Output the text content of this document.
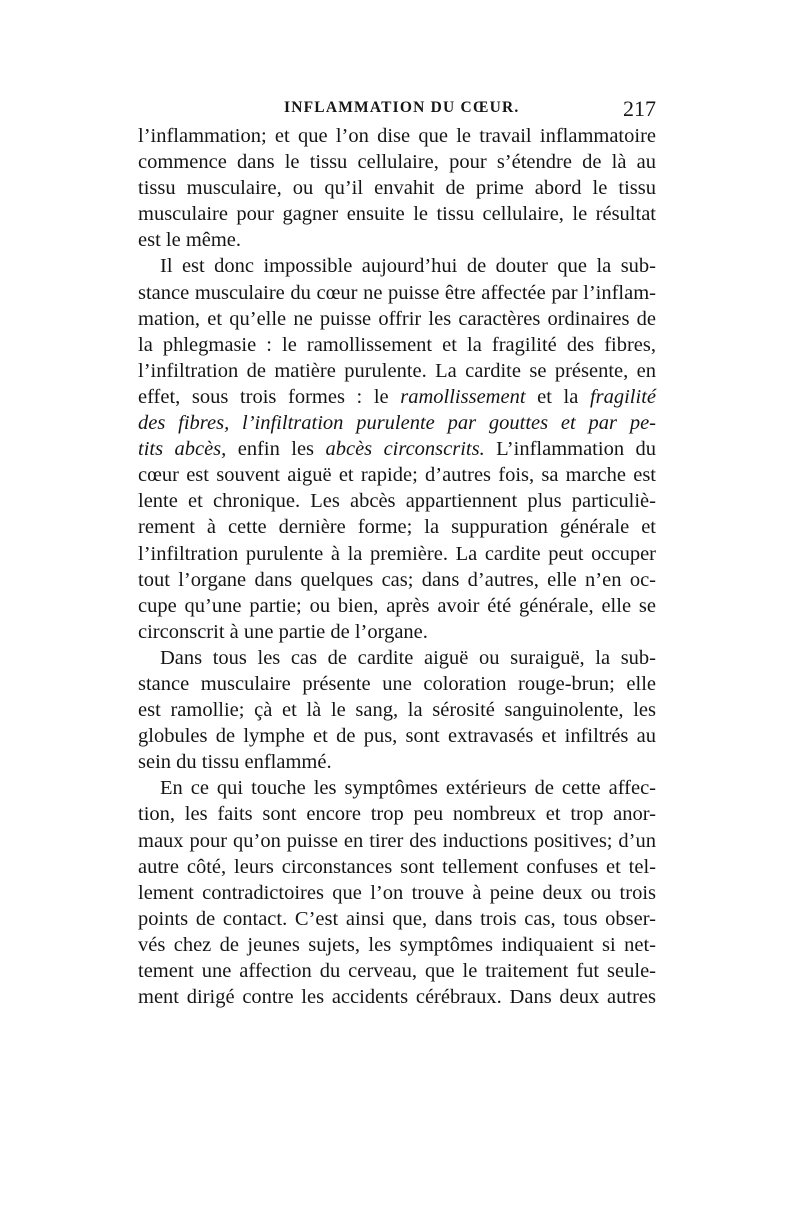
INFLAMMATION DU CŒUR.	217
l’inflammation; et que l’on dise que le travail inflammatoire
commence dans le tissu cellulaire, pour s’étendre de là au
tissu musculaire, ou qu’il envahit de prime abord le tissu
musculaire pour gagner ensuite le tissu cellulaire, le résultat
est le même.
Il est donc impossible aujourd’hui de douter que la sub-
stance musculaire du cœur ne puisse être affectée par l’inflam-
mation, et qu’elle ne puisse offrir les caractères ordinaires de
la phlegmasie : le ramollissement et la fragilité des fibres,
l’infiltration de matière purulente. La cardite se présente, en
effet, sous trois formes : le ramollissement et la fragilité
des fibres, l’infiltration purulente par gouttes et par pe-
tits abcès, enfin les abcès circonscrits. L’inflammation du
cœur est souvent aiguë et rapide; d’autres fois, sa marche est
lente et chronique. Les abcès appartiennent plus particuliè-
rement à cette dernière forme; la suppuration générale et
l’infiltration purulente à la première. La cardite peut occuper
tout l’organe dans quelques cas; dans d’autres, elle n’en oc-
cupe qu’une partie; ou bien, après avoir été générale, elle se
circonscrit à une partie de l’organe.
Dans tous les cas de cardite aiguë ou suraiguë, la sub-
stance musculaire présente une coloration rouge-brun; elle
est ramollie; çà et là le sang, la sérosité sanguinolente, les
globules de lymphe et de pus, sont extravasés et infiltrés au
sein du tissu enflammé.
En ce qui touche les symptômes extérieurs de cette affec-
tion, les faits sont encore trop peu nombreux et trop anor-
maux pour qu’on puisse en tirer des inductions positives; d’un
autre côté, leurs circonstances sont tellement confuses et tel-
lement contradictoires que l’on trouve à peine deux ou trois
points de contact. C’est ainsi que, dans trois cas, tous obser-
vés chez de jeunes sujets, les symptômes indiquaient si net-
tement une affection du cerveau, que le traitement fut seule-
ment dirigé contre les accidents cérébraux. Dans deux autres
